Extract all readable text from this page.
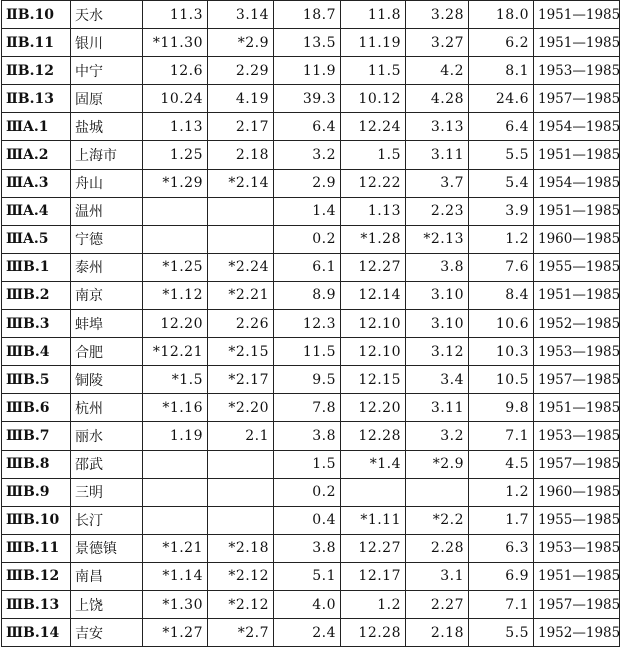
ⅡB.10	天水	11.3	3.14	18.7	11.8	3.28	18.0	1951—1985
ⅡB.11	银川	*11.30	*2.9	13.5	11.19	3.27	6.2	1951—1985
ⅡB.12	中宁	12.6	2.29	11.9	11.5	4.2	8.1	1953—1985
ⅡB.13	固原	10.24	4.19	39.3	10.12	4.28	24.6	1957—1985
ⅢA.1	盐城	1.13	2.17	6.4	12.24	3.13	6.4	1954—1985
ⅢA.2	上海市	1.25	2.18	3.2	1.5	3.11	5.5	1951—1985
ⅢA.3	舟山	*1.29	*2.14	2.9	12.22	3.7	5.4	1954—1985
ⅢA.4	温州			1.4	1.13	2.23	3.9	1951—1985
ⅢA.5	宁德			0.2	*1.28	*2.13	1.2	1960—1985
ⅢB.1	泰州	*1.25	*2.24	6.1	12.27	3.8	7.6	1955—1985
ⅢB.2	南京	*1.12	*2.21	8.9	12.14	3.10	8.4	1951—1985
ⅢB.3	蚌埠	12.20	2.26	12.3	12.10	3.10	10.6	1952—1985
ⅢB.4	合肥	*12.21	*2.15	11.5	12.10	3.12	10.3	1953—1985
ⅢB.5	铜陵	*1.5	*2.17	9.5	12.15	3.4	10.5	1957—1985
ⅢB.6	杭州	*1.16	*2.20	7.8	12.20	3.11	9.8	1951—1985
ⅢB.7	丽水	1.19	2.1	3.8	12.28	3.2	7.1	1953—1985
ⅢB.8	邵武			1.5	*1.4	*2.9	4.5	1957—1985
ⅢB.9	三明			0.2			1.2	1960—1985
ⅢB.10	长汀			0.4	*1.11	*2.2	1.7	1955—1985
ⅢB.11	景德镇	*1.21	*2.18	3.8	12.27	2.28	6.3	1953—1985
ⅢB.12	南昌	*1.14	*2.12	5.1	12.17	3.1	6.9	1951—1985
ⅢB.13	上饶	*1.30	*2.12	4.0	1.2	2.27	7.1	1957—1985
ⅢB.14	吉安	*1.27	*2.7	2.4	12.28	2.18	5.5	1952—1985
